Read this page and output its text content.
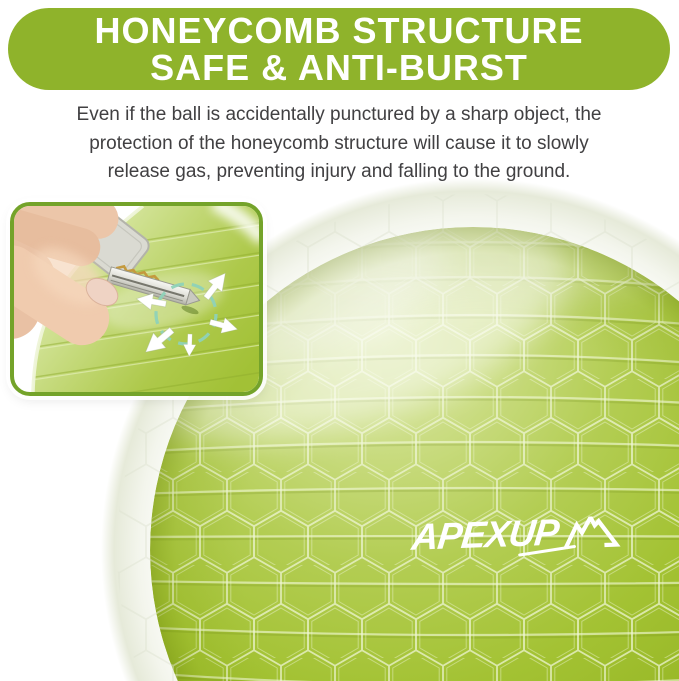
HONEYCOMB STRUCTURE
SAFE & ANTI-BURST
Even if the ball is accidentally punctured by a sharp object, the
protection of the honeycomb structure will cause it to slowly
release gas, preventing injury and falling to the ground.
APEXUP
